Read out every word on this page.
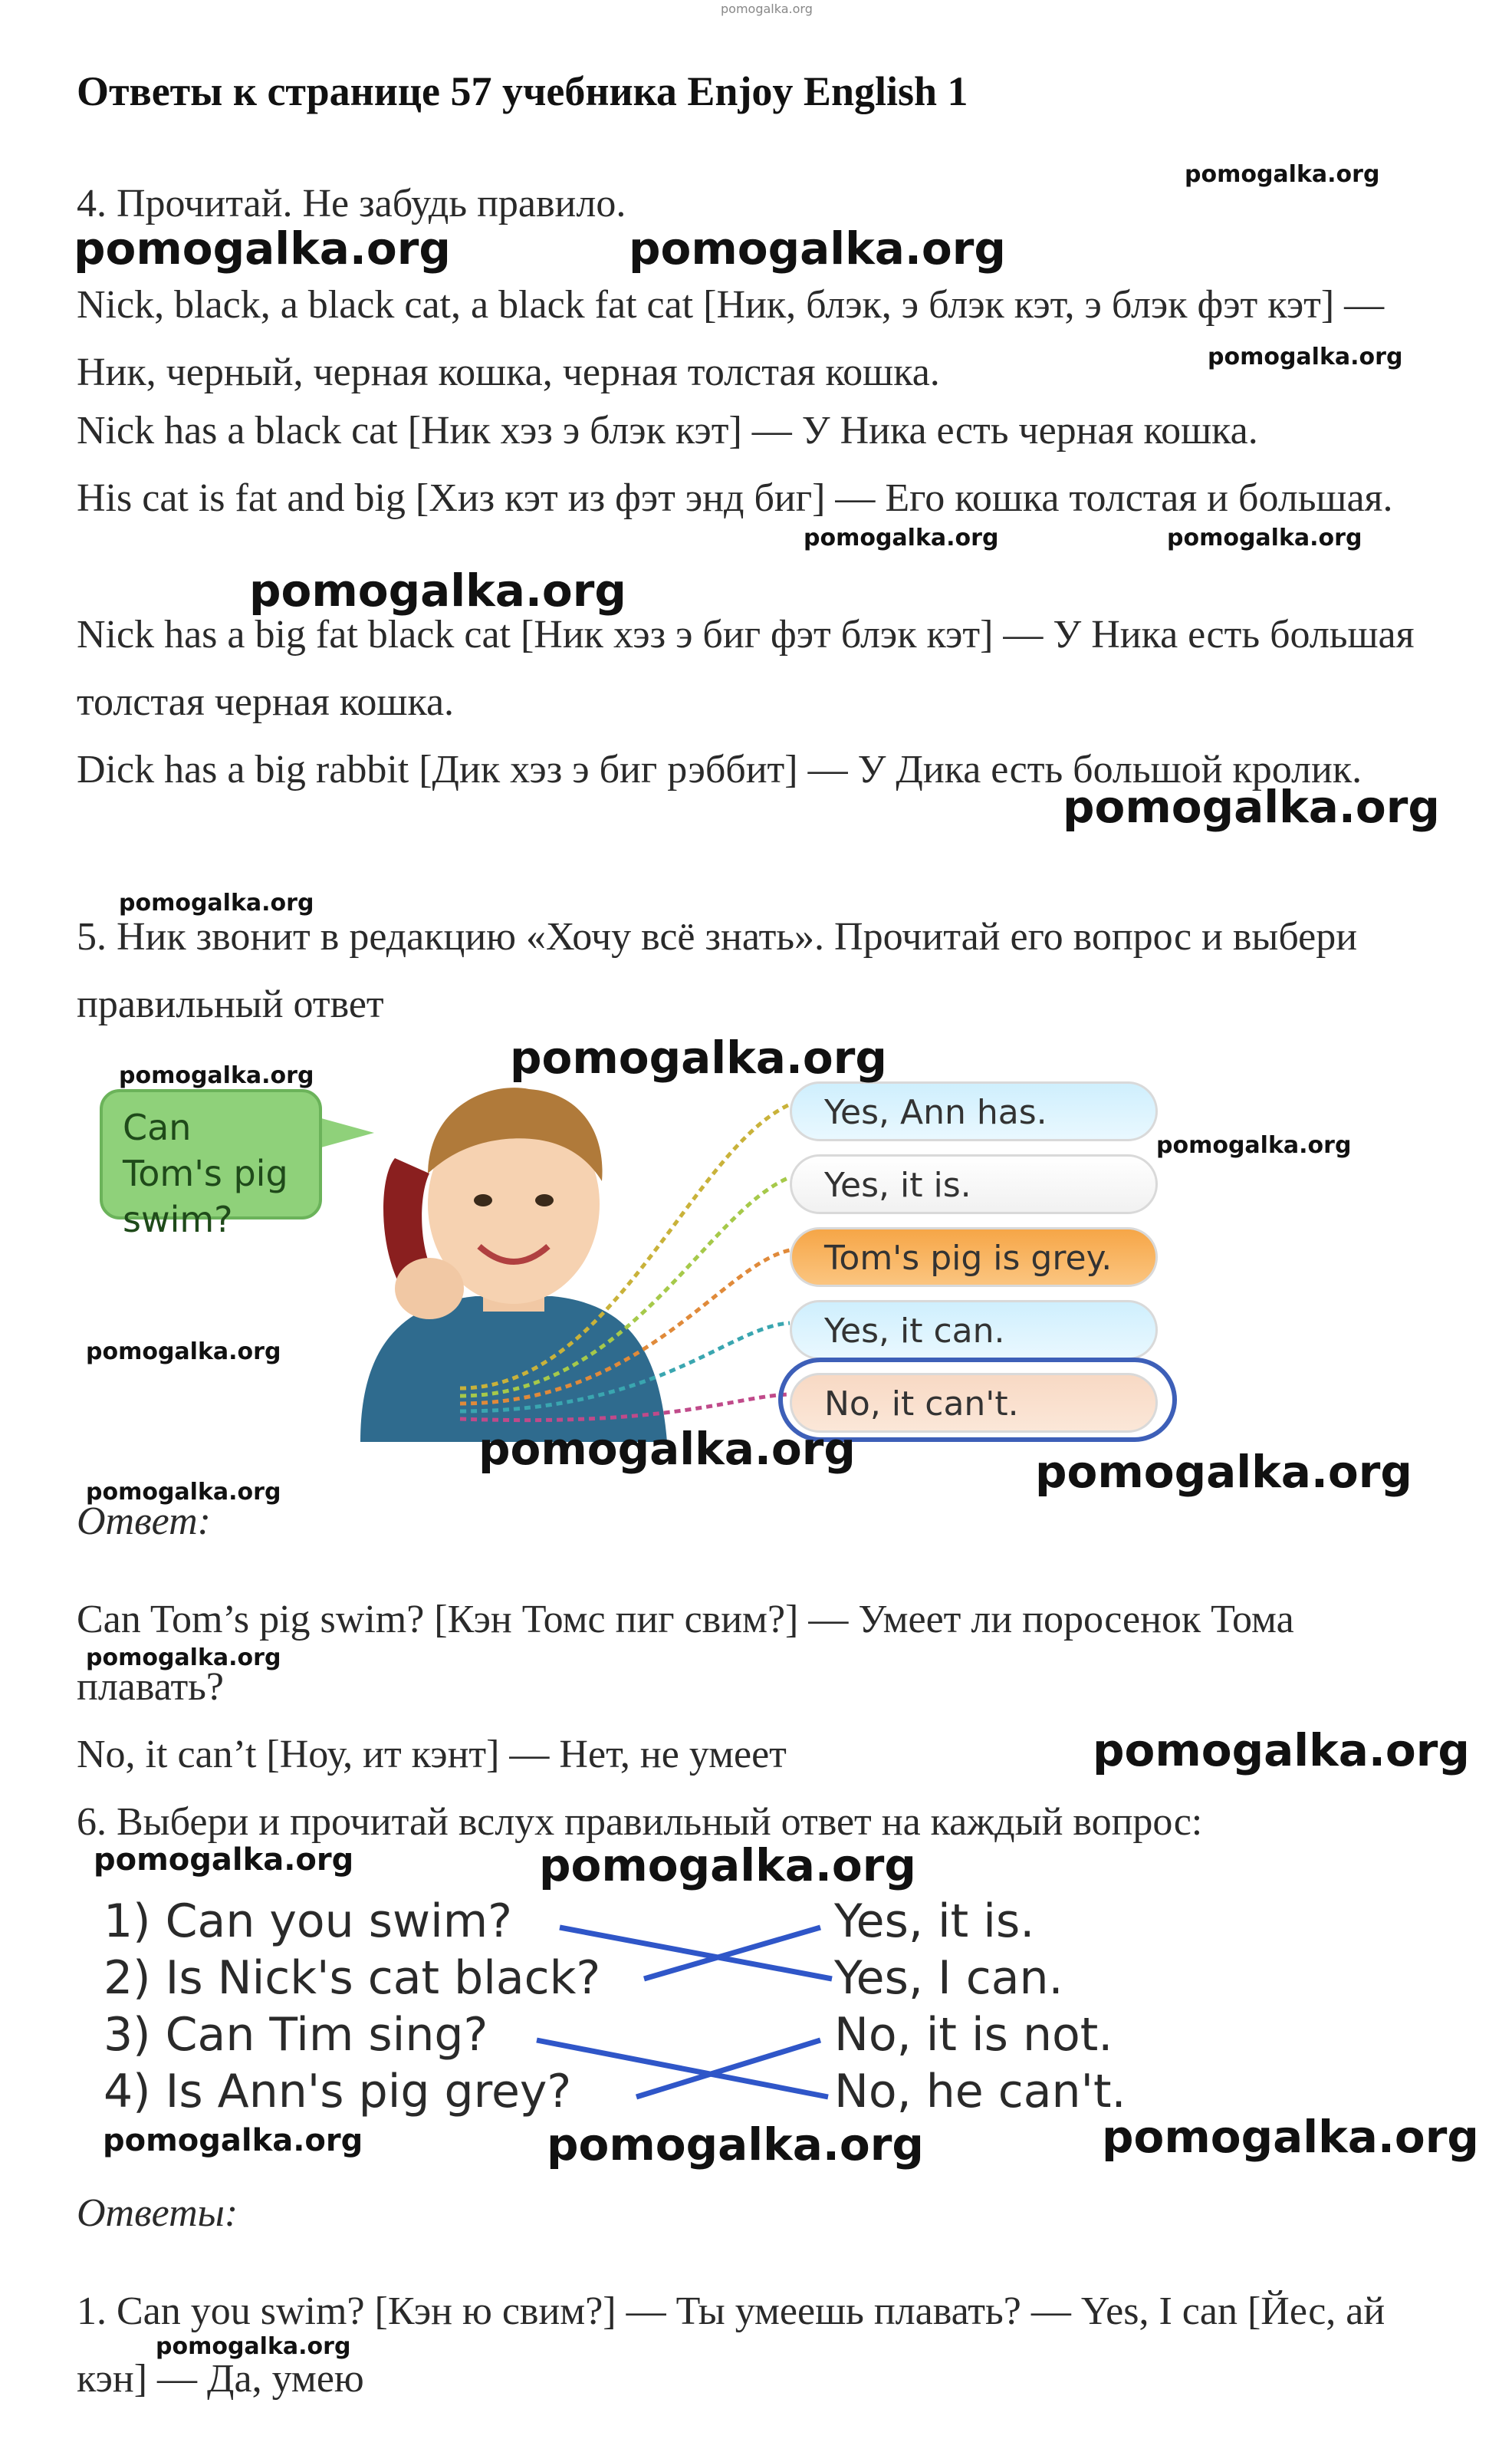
pomogalka.org
Ответы к странице 57 учебника Enjoy English 1
4. Прочитай. Не забудь правило.
Nick, black, a black cat, a black fat cat [Ник, блэк, э блэк кэт, э блэк фэт кэт] — Ник, черный, черная кошка, черная толстая кошка.
Nick has a black cat [Ник хэз э блэк кэт] — У Ника есть черная кошка.
His cat is fat and big [Хиз кэт из фэт энд биг] — Его кошка толстая и большая.
Nick has a big fat black cat [Ник хэз э биг фэт блэк кэт] — У Ника есть большая толстая черная кошка.
Dick has a big rabbit [Дик хэз э биг рэббит] — У Дика есть большой кролик.
5. Ник звонит в редакцию «Хочу всё знать». Прочитай его вопрос и выбери правильный ответ
Can Tom's pig swim?
Yes, Ann has.
Yes, it is.
Tom's pig is grey.
Yes, it can.
No, it can't.
Ответ:
Can Tom’s pig swim? [Кэн Томс пиг свим?] — Умеет ли поросенок Тома плавать?
No, it can’t [Ноу, ит кэнт] — Нет, не умеет
6. Выбери и прочитай вслух правильный ответ на каждый вопрос:
1) Can you swim?
2) Is Nick's cat black?
3) Can Tim sing?
4) Is Ann's pig grey?
Yes, it is.
Yes, I can.
No, it is not.
No, he can't.
Ответы:
1. Can you swim? [Кэн ю свим?] — Ты умеешь плавать? — Yes, I can [Йес, ай кэн] — Да, умею
pomogalka.org
pomogalka.org	pomogalka.org
pomogalka.org
pomogalka.org	pomogalka.org
pomogalka.org
pomogalka.org
pomogalka.org
pomogalka.org	pomogalka.org
pomogalka.org
pomogalka.org
pomogalka.org	pomogalka.org
pomogalka.org
pomogalka.org
pomogalka.org
pomogalka.org	pomogalka.org
pomogalka.org	pomogalka.org	pomogalka.org
pomogalka.org
